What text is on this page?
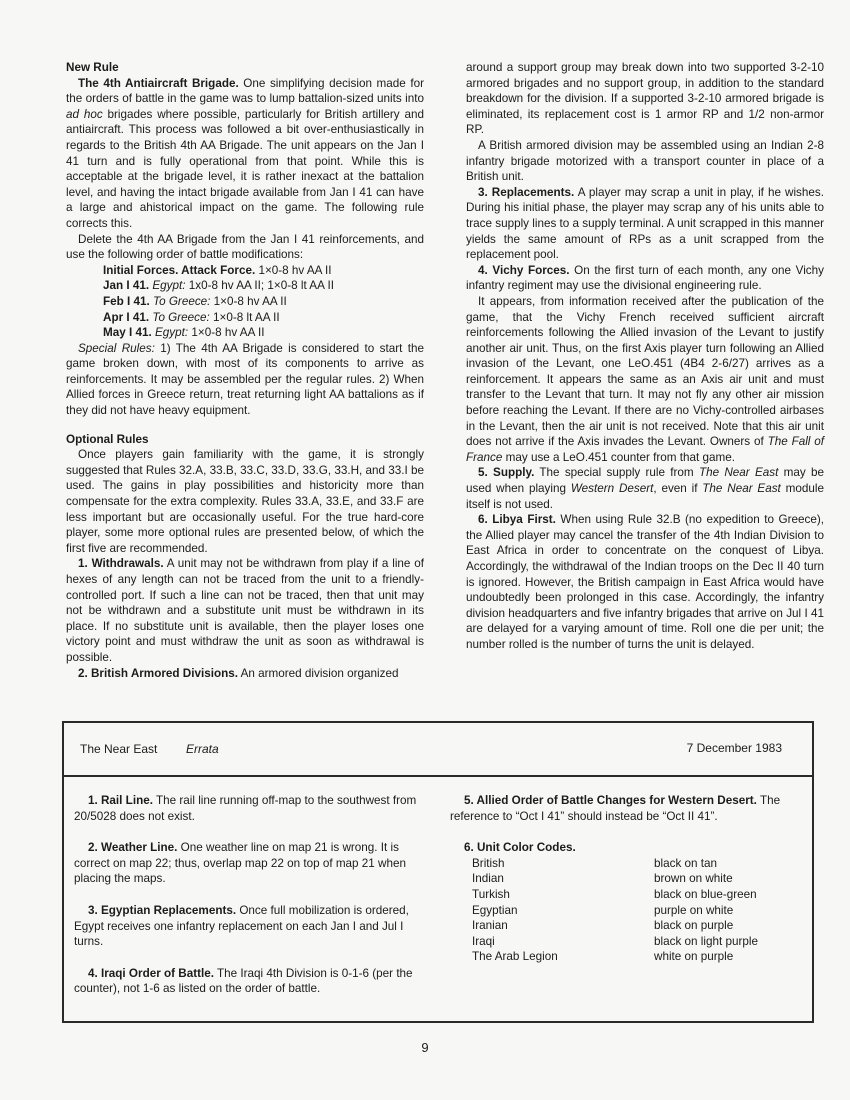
New Rule

The 4th Antiaircraft Brigade. One simplifying decision made for the orders of battle in the game was to lump battalion-sized units into ad hoc brigades where possible, particularly for British artillery and antiaircraft. This process was followed a bit over-enthusiastically in regards to the British 4th AA Brigade. The unit appears on the Jan I 41 turn and is fully operational from that point. While this is acceptable at the brigade level, it is rather inexact at the battalion level, and having the intact brigade available from Jan I 41 can have a large and ahistorical impact on the game. The following rule corrects this.

Delete the 4th AA Brigade from the Jan I 41 reinforcements, and use the following order of battle modifications:

Initial Forces. Attack Force. 1×0-8 hv AA II

Jan I 41. Egypt: 1x0-8 hv AA II; 1×0-8 lt AA II

Feb I 41. To Greece: 1×0-8 hv AA II

Apr I 41. To Greece: 1×0-8 lt AA II

May I 41. Egypt: 1×0-8 hv AA II

Special Rules: 1) The 4th AA Brigade is considered to start the game broken down, with most of its components to arrive as reinforcements. It may be assembled per the regular rules. 2) When Allied forces in Greece return, treat returning light AA battalions as if they did not have heavy equipment.

Optional Rules

Once players gain familiarity with the game, it is strongly suggested that Rules 32.A, 33.B, 33.C, 33.D, 33.G, 33.H, and 33.I be used. The gains in play possibilities and historicity more than compensate for the extra complexity. Rules 33.A, 33.E, and 33.F are less important but are occasionally useful. For the true hard-core player, some more optional rules are presented below, of which the first five are recommended.

1. Withdrawals. A unit may not be withdrawn from play if a line of hexes of any length can not be traced from the unit to a friendly-controlled port. If such a line can not be traced, then that unit may not be withdrawn and a substitute unit must be withdrawn in its place. If no substitute unit is available, then the player loses one victory point and must withdraw the unit as soon as withdrawal is possible.

2. British Armored Divisions. An armored division organized

around a support group may break down into two supported 3-2-10 armored brigades and no support group, in addition to the standard breakdown for the division. If a supported 3-2-10 armored brigade is eliminated, its replacement cost is 1 armor RP and 1/2 non-armor RP.

A British armored division may be assembled using an Indian 2-8 infantry brigade motorized with a transport counter in place of a British unit.

3. Replacements. A player may scrap a unit in play, if he wishes. During his initial phase, the player may scrap any of his units able to trace supply lines to a supply terminal. A unit scrapped in this manner yields the same amount of RPs as a unit scrapped from the replacement pool.

4. Vichy Forces. On the first turn of each month, any one Vichy infantry regiment may use the divisional engineering rule.

It appears, from information received after the publication of the game, that the Vichy French received sufficient aircraft reinforcements following the Allied invasion of the Levant to justify another air unit. Thus, on the first Axis player turn following an Allied invasion of the Levant, one LeO.451 (4B4 2-6/27) arrives as a reinforcement. It appears the same as an Axis air unit and must transfer to the Levant that turn. It may not fly any other air mission before reaching the Levant. If there are no Vichy-controlled airbases in the Levant, then the air unit is not received. Note that this air unit does not arrive if the Axis invades the Levant. Owners of The Fall of France may use a LeO.451 counter from that game.

5. Supply. The special supply rule from The Near East may be used when playing Western Desert, even if The Near East module itself is not used.

6. Libya First. When using Rule 32.B (no expedition to Greece), the Allied player may cancel the transfer of the 4th Indian Division to East Africa in order to concentrate on the conquest of Libya. Accordingly, the withdrawal of the Indian troops on the Dec II 40 turn is ignored. However, the British campaign in East Africa would have undoubtedly been prolonged in this case. Accordingly, the infantry division headquarters and five infantry brigades that arrive on Jul I 41 are delayed for a varying amount of time. Roll one die per unit; the number rolled is the number of turns the unit is delayed.

The Near East Errata	7 December 1983

1. Rail Line. The rail line running off-map to the southwest from 20/5028 does not exist.

2. Weather Line. One weather line on map 21 is wrong. It is correct on map 22; thus, overlap map 22 on top of map 21 when placing the maps.

3. Egyptian Replacements. Once full mobilization is ordered, Egypt receives one infantry replacement on each Jan I and Jul I turns.

4. Iraqi Order of Battle. The Iraqi 4th Division is 0-1-6 (per the counter), not 1-6 as listed on the order of battle.

5. Allied Order of Battle Changes for Western Desert. The reference to “Oct I 41” should instead be “Oct II 41”.

6. Unit Color Codes.

British	black on tan
Indian	brown on white
Turkish	black on blue-green
Egyptian	purple on white
Iranian	black on purple
Iraqi	black on light purple
The Arab Legion	white on purple
9
